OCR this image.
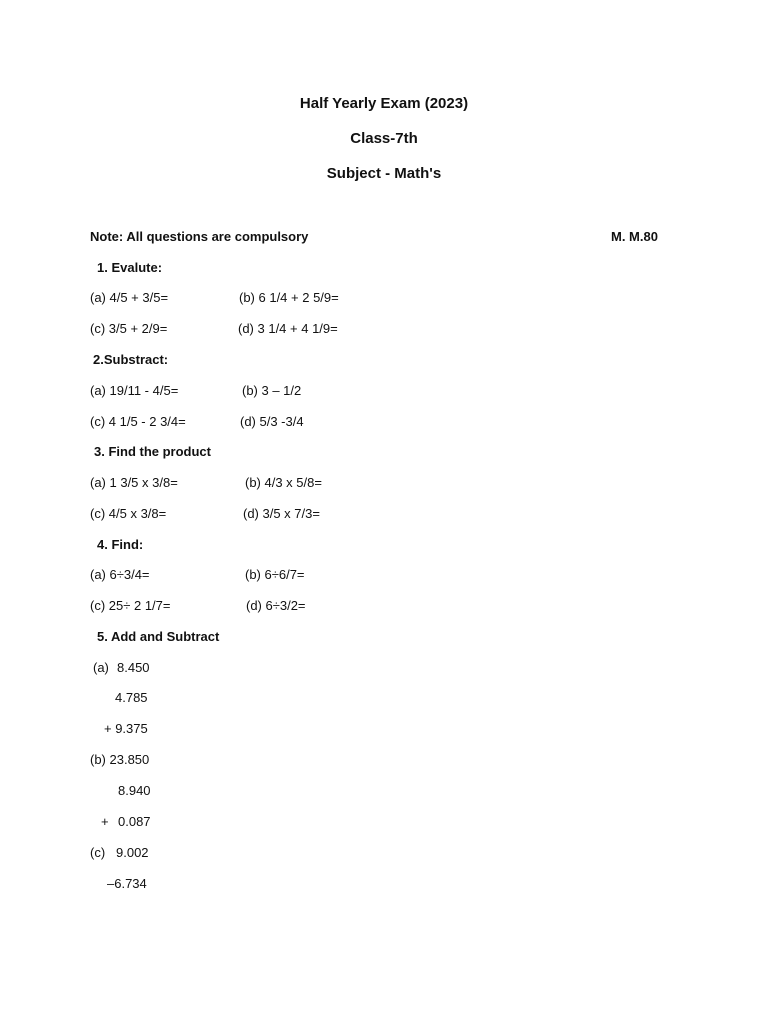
Half Yearly Exam (2023)
Class-7th
Subject - Math's
Note: All questions are compulsory	M. M.80
1. Evalute:
(a) 4/5 + 3/5=	(b) 6 1/4 + 2 5/9=
(c) 3/5 + 2/9=	(d) 3 1/4 + 4 1/9=
2.Substract:
(a) 19/11 - 4/5=	(b) 3 – 1/2
(c) 4 1/5 - 2 3/4=	(d) 5/3 -3/4
3. Find the product
(a) 1 3/5 x 3/8=	(b) 4/3 x 5/8=
(c) 4/5 x 3/8=	(d) 3/5 x 7/3=
4. Find:
(a) 6÷3/4=	(b) 6÷6/7=
(c) 25÷ 2 1/7=	(d) 6÷3/2=
5. Add and Subtract
(a) 8.450
4.785
+ 9.375
(b) 23.850
8.940
+ 0.087
(c) 9.002
–6.734
